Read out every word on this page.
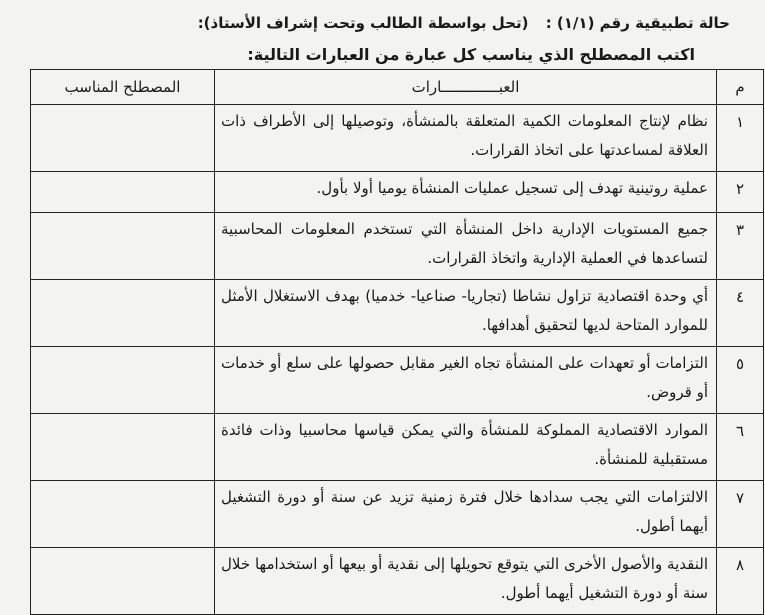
حالة تطبيقية رقم (١/١) : (تحل بواسطة الطالب وتحت إشراف الأستاذ):
اكتب المصطلح الذي يناسب كل عبارة من العبارات التالية:
م	العبـــــــــــــارات	المصطلح المناسب
١	نظام لإنتاج المعلومات الكمية المتعلقة بالمنشأة، وتوصيلها إلى الأطراف ذات العلاقة لمساعدتها على اتخاذ القرارات.	
٢	عملية روتينية تهدف إلى تسجيل عمليات المنشأة يوميا أولا بأول.	
٣	جميع المستويات الإدارية داخل المنشأة التي تستخدم المعلومات المحاسبية لتساعدها في العملية الإدارية واتخاذ القرارات.	
٤	أي وحدة اقتصادية تزاول نشاطا (تجاريا- صناعيا- خدميا) بهدف الاستغلال الأمثل للموارد المتاحة لديها لتحقيق أهدافها.	
٥	التزامات أو تعهدات على المنشأة تجاه الغير مقابل حصولها على سلع أو خدمات أو قروض.	
٦	الموارد الاقتصادية المملوكة للمنشأة والتي يمكن قياسها محاسبيا وذات فائدة مستقبلية للمنشأة.	
٧	الالتزامات التي يجب سدادها خلال فترة زمنية تزيد عن سنة أو دورة التشغيل أيهما أطول.	
٨	النقدية والأصول الأخرى التي يتوقع تحويلها إلى نقدية أو بيعها أو استخدامها خلال سنة أو دورة التشغيل أيهما أطول.	
